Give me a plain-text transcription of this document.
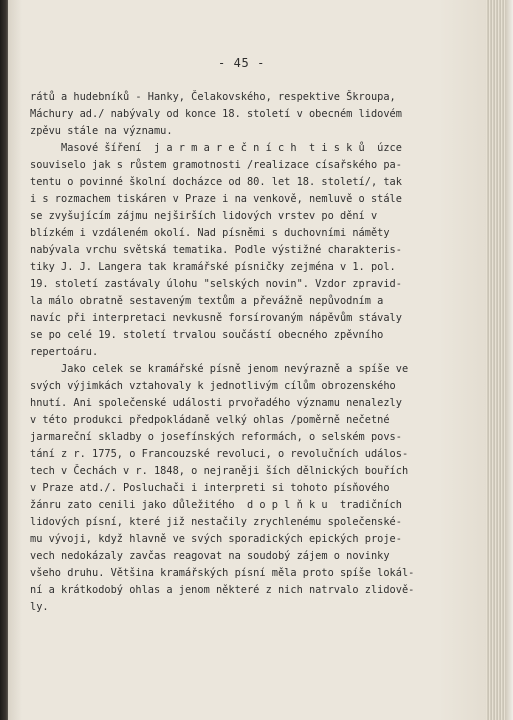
- 45 -
rátů a hudebníků - Hanky, Čelakovského, respektive Škroupa,
Máchury ad./ nabývaly od konce 18. století v obecném lidovém
zpěvu stále na významu.
Masové šíření  j a r m a r e č n í c h  t i s k ů  úzce
souviselo jak s růstem gramotnosti /realizace císařského pa-
tentu o povinné školní docházce od 80. let 18. století/, tak
i s rozmachem tiskáren v Praze i na venkově, nemluvě o stále
se zvyšujícím zájmu nejširších lidových vrstev po dění v
blízkém i vzdáleném okolí. Nad písněmi s duchovními náměty
nabývala vrchu světská tematika. Podle výstižné charakteris-
tiky J. J. Langera tak kramářské písničky zejména v 1. pol.
19. století zastávaly úlohu "selských novin". Vzdor zpravid-
la málo obratně sestaveným textům a převážně nepůvodním a
navíc při interpretaci nevkusně forsírovaným nápěvům stávaly
se po celé 19. století trvalou součástí obecného zpěvního
repertoáru.
Jako celek se kramářské písně jenom nevýrazně a spíše ve
svých výjimkách vztahovaly k jednotlivým cílům obrozenského
hnutí. Ani společenské události prvořadého významu nenalezly
v této produkci předpokládaně velký ohlas /poměrně nečetné
jarmareční skladby o josefínských reformách, o selském povs-
tání z r. 1775, o Francouzské revoluci, o revolučních událos-
tech v Čechách v r. 1848, o nejraněji ších dělnických bouřích
v Praze atd./. Posluchači i interpreti si tohoto písňového
žánru zato cenili jako důležitého  d o p l ň k u  tradičních
lidových písní, které již nestačily zrychlenému společenské-
mu vývoji, když hlavně ve svých sporadických epických proje-
vech nedokázaly zavčas reagovat na soudobý zájem o novinky
všeho druhu. Většina kramářských písní měla proto spíše lokál-
ní a krátkodobý ohlas a jenom některé z nich natrvalo zlidově-
ly.
